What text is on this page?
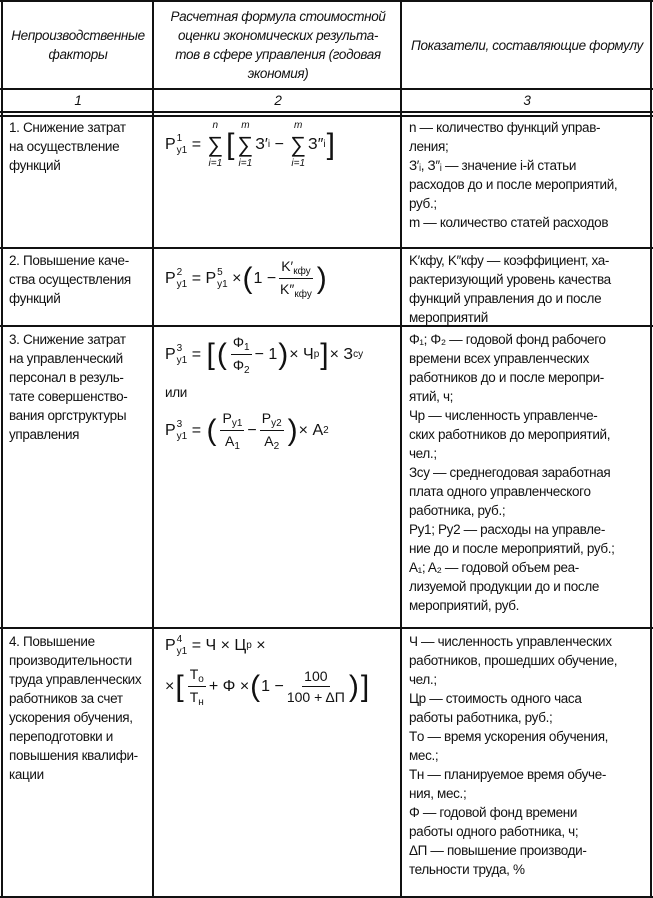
Непроизводственные факторы
Расчетная формула стоимостной оценки экономических результа-
тов в сфере управления (годовая экономия)
Показатели, составляющие формулу
1	2	3
1. Снижение затрат
на осуществление
функций
P 1
у1
=

n
∑
i=1
[
m
∑
i=1
З′ i
−

m
∑
i=1
З″ i ]
n — количество функций управ-
ления;
З′ᵢ, З″ᵢ — значение i-й статьи
расходов до и после мероприятий,
руб.;
m — количество статей расходов
2. Повышение каче-
ства осуществления
функций
P 2
у1
=
P 5
у1
× ( 1
− $\frac{K'_{кфу}}{K''_{кфу}}$ )
K′кфу, K″кфу — коэффициент, ха-
рактеризующий уровень качества
функций управления до и после
мероприятий
3. Снижение затрат
на управленческий
персонал в резуль-
тате совершенство-
вания оргструктуры
управления
P 3
у1
=
[ ( $\frac{\Phi_1}{\Phi_2} - 1$ ) ×
Ч р ] ×
З су
или
P 3
у1
=
( $\frac{P_{у1}}{A_1} - \frac{P_{у2}}{A_2}$ ) ×
A 2
Φ₁; Φ₂ — годовой фонд рабочего
времени всех управленческих
работников до и после меропри-
ятий, ч;
Чр — численность управленче-
ских работников до мероприятий,
чел.;
Зсу — среднегодовая заработная
плата одного управленческого
работника, руб.;
Ру1; Ру2 — расходы на управле-
ние до и после мероприятий, руб.;
A₁; A₂ — годовой объем реа-
лизуемой продукции до и после
мероприятий, руб.
4. Повышение
производительности
труда управленческих
работников за счет
ускорения обучения,
переподготовки и
повышения квалифи-
кации
P 4
у1
=
Ч × Ц р
×
× [ $\frac{T_о}{T_н} + \Phi$ × ( $1 - \frac{100}{100 + \Delta\Pi}$ ) ]
Ч — численность управленческих
работников, прошедших обучение,
чел.;
Цр — стоимость одного часа
работы работника, руб.;
Tо — время ускорения обучения,
мес.;
Tн — планируемое время обуче-
ния, мес.;
Φ — годовой фонд времени
работы одного работника, ч;
ΔП — повышение производи-
тельности труда, %
